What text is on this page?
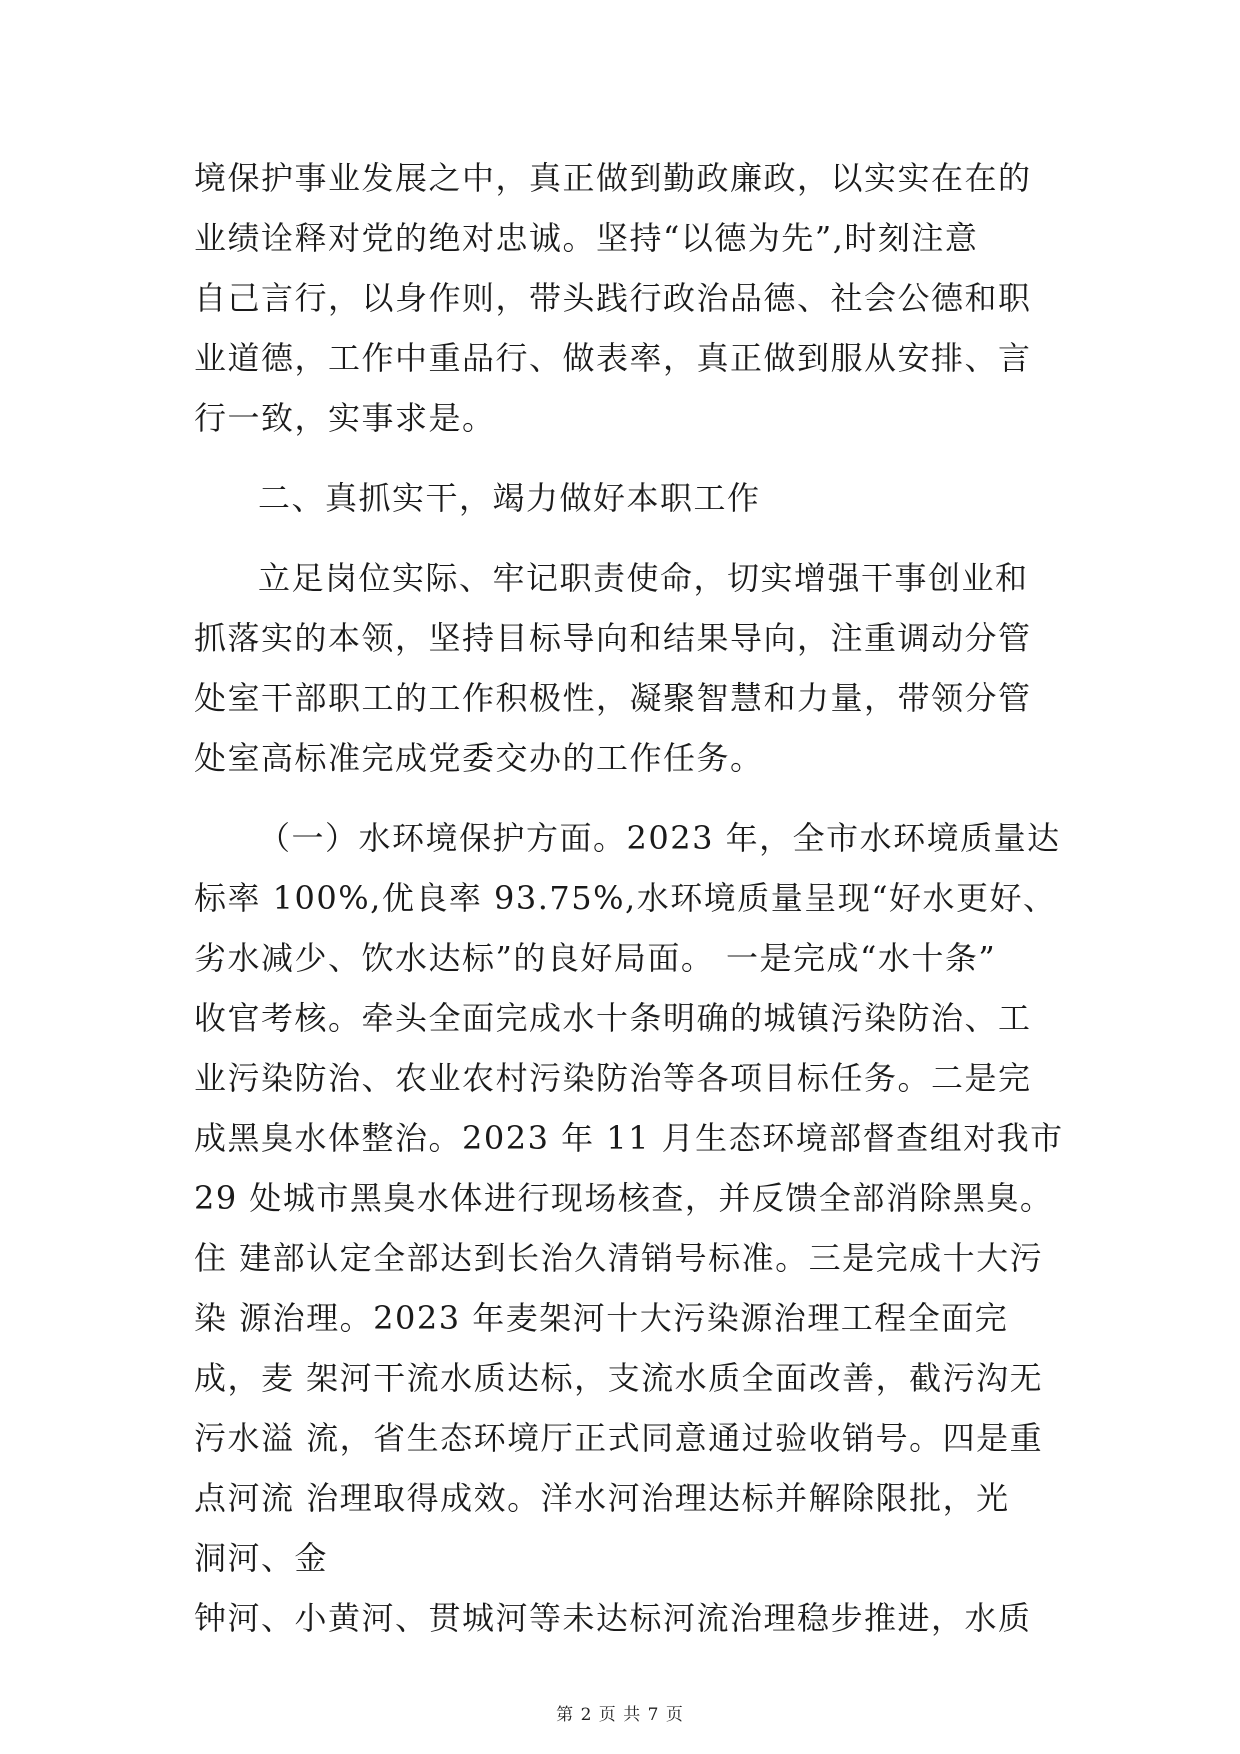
境保护事业发展之中，真正做到勤政廉政，以实实在在的
业绩诠释对党的绝对忠诚。坚持“以德为先”,时刻注意
自己言行，以身作则，带头践行政治品德、社会公德和职
业道德，工作中重品行、做表率，真正做到服从安排、言
行一致，实事求是。
二、真抓实干，竭力做好本职工作
立足岗位实际、牢记职责使命，切实增强干事创业和
抓落实的本领，坚持目标导向和结果导向，注重调动分管
处室干部职工的工作积极性，凝聚智慧和力量，带领分管
处室高标准完成党委交办的工作任务。
（一）水环境保护方面。2023 年，全市水环境质量达
标率 100%,优良率 93.75%,水环境质量呈现“好水更好、
劣水减少、饮水达标”的良好局面。 一是完成“水十条”
收官考核。牵头全面完成水十条明确的城镇污染防治、工
业污染防治、农业农村污染防治等各项目标任务。二是完
成黑臭水体整治。2023 年 11 月生态环境部督查组对我市
29 处城市黑臭水体进行现场核查，并反馈全部消除黑臭。
住 建部认定全部达到长治久清销号标准。三是完成十大污
染 源治理。2023 年麦架河十大污染源治理工程全面完
成，麦 架河干流水质达标，支流水质全面改善，截污沟无
污水溢 流，省生态环境厅正式同意通过验收销号。四是重
点河流 治理取得成效。洋水河治理达标并解除限批，光
洞河、金
钟河、小黄河、贯城河等未达标河流治理稳步推进，水质
第 2 页 共 7 页
